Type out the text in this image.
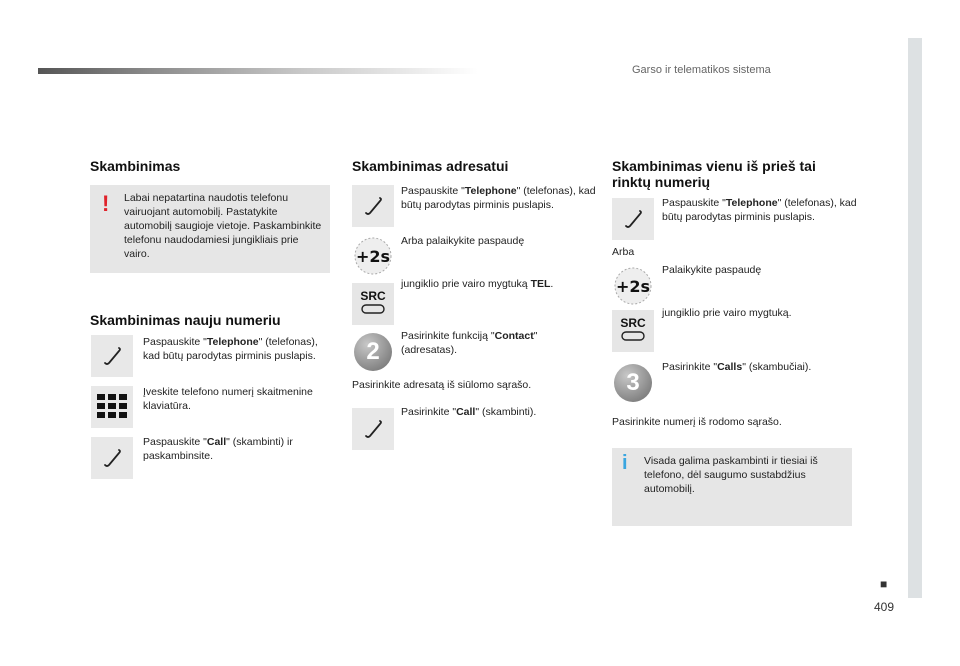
Garso ir telematikos sistema
■
409
Skambinimas
! Labai nepatartina naudotis telefonu vairuojant automobilį. Pastatykite automobilį saugioje vietoje. Paskambinkite telefonu naudodamiesi jungikliais prie vairo.
Skambinimas nauju numeriu
Paspauskite "Telephone" (telefonas), kad būtų parodytas pirminis puslapis.
Įveskite telefono numerį skaitmenine klaviatūra.
Paspauskite "Call" (skambinti) ir paskambinsite.
Skambinimas adresatui
Paspauskite "Telephone" (telefonas), kad būtų parodytas pirminis puslapis.
+2s
Arba palaikykite paspaudę
SRC
jungiklio prie vairo mygtuką TEL.
2
Pasirinkite funkciją "Contact" (adresatas).
Pasirinkite adresatą iš siūlomo sąrašo.
Pasirinkite "Call" (skambinti).
Skambinimas vienu iš prieš tai rinktų numerių
Paspauskite "Telephone" (telefonas), kad būtų parodytas pirminis puslapis.
Arba
+2s
Palaikykite paspaudę
SRC
jungiklio prie vairo mygtuką.
3
Pasirinkite "Calls" (skambučiai).
Pasirinkite numerį iš rodomo sąrašo.
i Visada galima paskambinti ir tiesiai iš telefono, dėl saugumo sustabdžius automobilį.
